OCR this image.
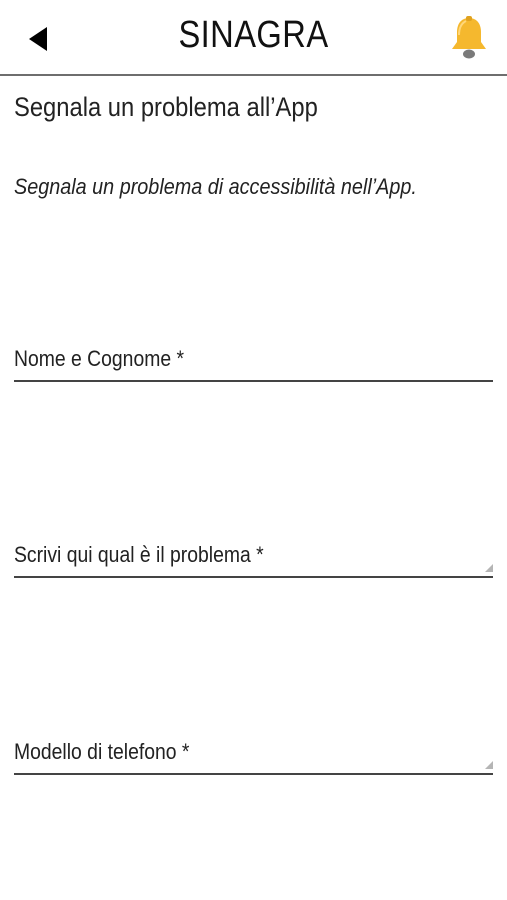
SINAGRA
Segnala un problema all’App
Segnala un problema di accessibilità nell’App.
Nome e Cognome *
Scrivi qui qual è il problema *
Modello di telefono *
